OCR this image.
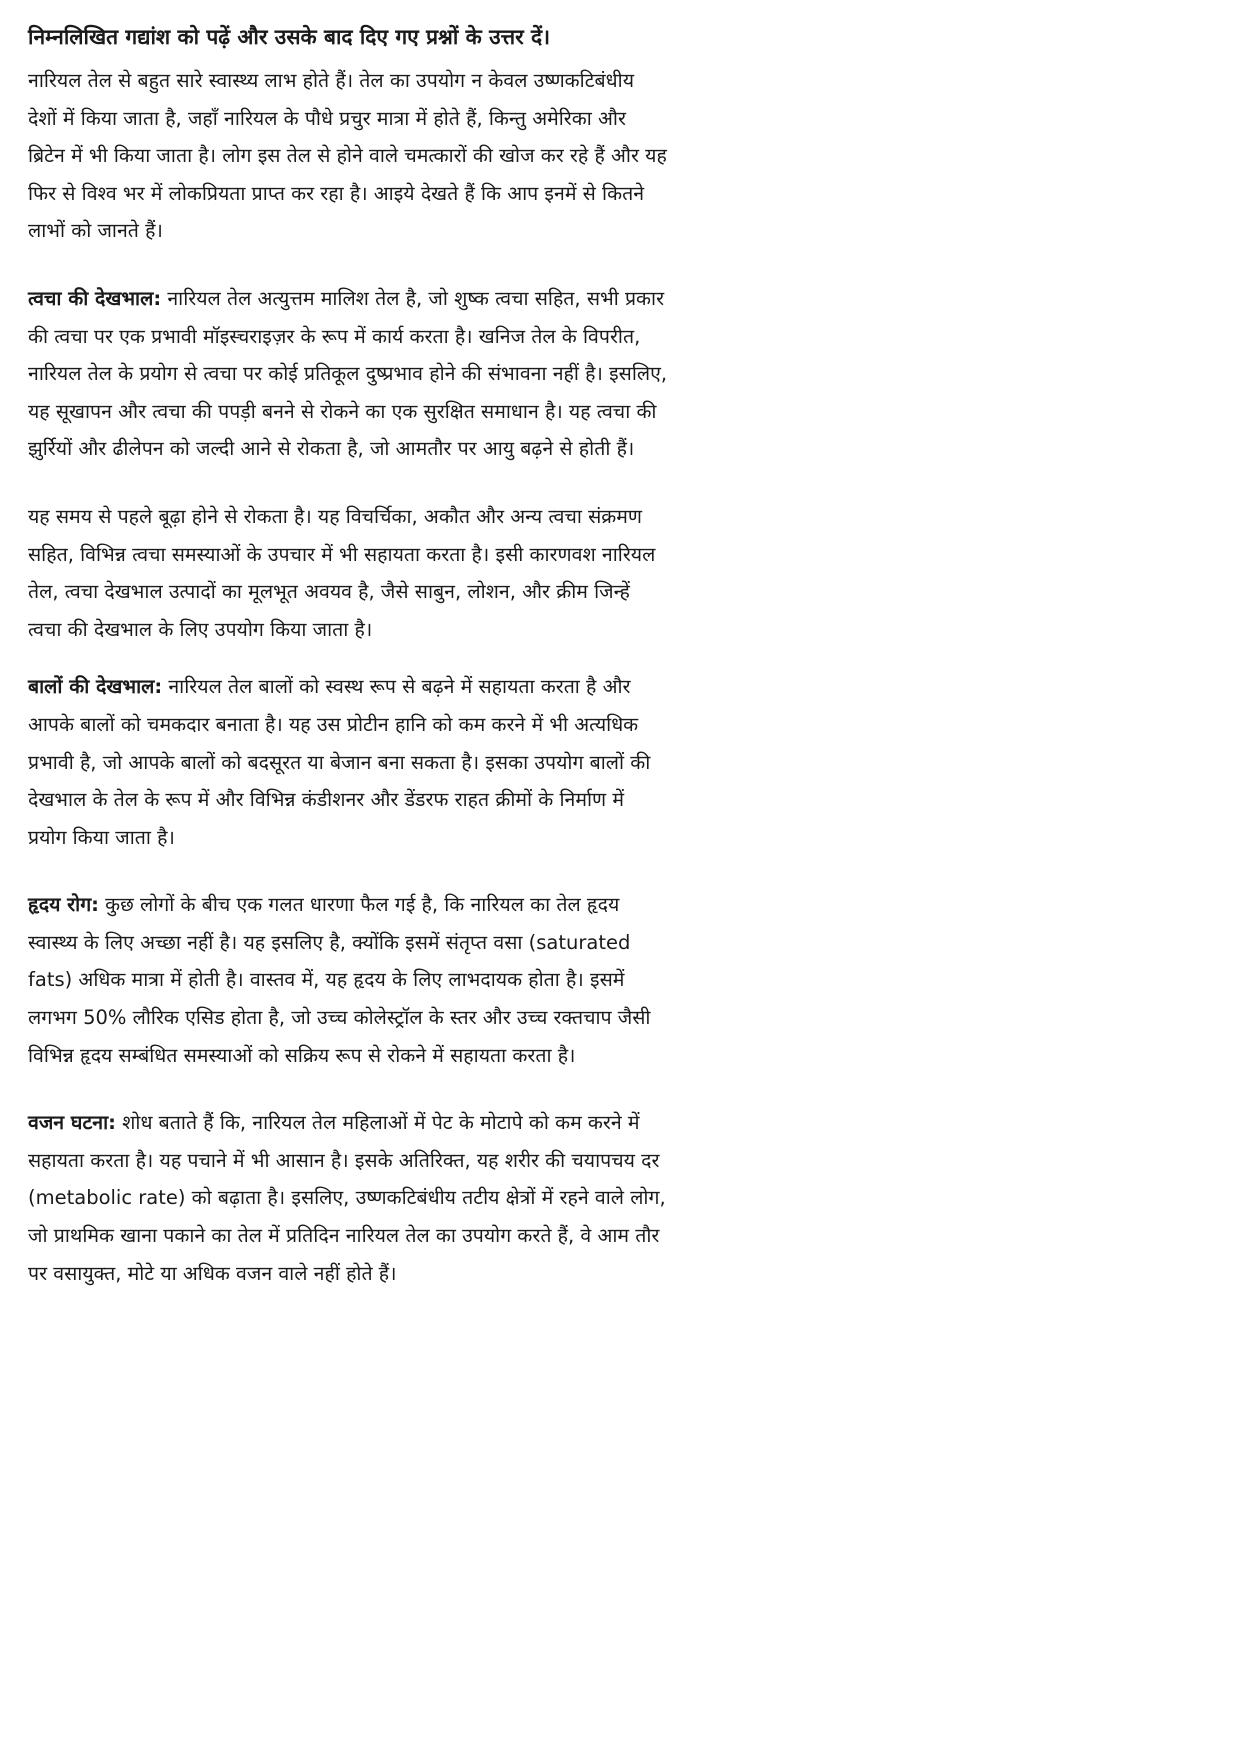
निम्नलिखित गद्यांश को पढ़ें और उसके बाद दिए गए प्रश्नों के उत्तर दें।

नारियल तेल से बहुत सारे स्वास्थ्य लाभ होते हैं। तेल का उपयोग न केवल उष्णकटिबंधीय देशों में किया जाता है, जहाँ नारियल के पौधे प्रचुर मात्रा में होते हैं, किन्तु अमेरिका और ब्रिटेन में भी किया जाता है। लोग इस तेल से होने वाले चमत्कारों की खोज कर रहे हैं और यह फिर से विश्व भर में लोकप्रियता प्राप्त कर रहा है। आइये देखते हैं कि आप इनमें से कितने लाभों को जानते हैं।

त्वचा की देखभाल: नारियल तेल अत्युत्तम मालिश तेल है, जो शुष्क त्वचा सहित, सभी प्रकार की त्वचा पर एक प्रभावी मॉइस्चराइज़र के रूप में कार्य करता है। खनिज तेल के विपरीत, नारियल तेल के प्रयोग से त्वचा पर कोई प्रतिकूल दुष्प्रभाव होने की संभावना नहीं है। इसलिए, यह सूखापन और त्वचा की पपड़ी बनने से रोकने का एक सुरक्षित समाधान है। यह त्वचा की झुर्रियों और ढीलेपन को जल्दी आने से रोकता है, जो आमतौर पर आयु बढ़ने से होती हैं।

यह समय से पहले बूढ़ा होने से रोकता है। यह विचर्चिका, अकौत और अन्य त्वचा संक्रमण सहित, विभिन्न त्वचा समस्याओं के उपचार में भी सहायता करता है। इसी कारणवश नारियल तेल, त्वचा देखभाल उत्पादों का मूलभूत अवयव है, जैसे साबुन, लोशन, और क्रीम जिन्हें त्वचा की देखभाल के लिए उपयोग किया जाता है।

बालों की देखभाल: नारियल तेल बालों को स्वस्थ रूप से बढ़ने में सहायता करता है और आपके बालों को चमकदार बनाता है। यह उस प्रोटीन हानि को कम करने में भी अत्यधिक प्रभावी है, जो आपके बालों को बदसूरत या बेजान बना सकता है। इसका उपयोग बालों की देखभाल के तेल के रूप में और विभिन्न कंडीशनर और डेंडरफ राहत क्रीमों के निर्माण में प्रयोग किया जाता है।

हृदय रोग: कुछ लोगों के बीच एक गलत धारणा फैल गई है, कि नारियल का तेल हृदय स्वास्थ्य के लिए अच्छा नहीं है। यह इसलिए है, क्योंकि इसमें संतृप्त वसा (saturated fats) अधिक मात्रा में होती है। वास्तव में, यह हृदय के लिए लाभदायक होता है। इसमें लगभग 50% लौरिक एसिड होता है, जो उच्च कोलेस्ट्रॉल के स्तर और उच्च रक्तचाप जैसी विभिन्न हृदय सम्बंधित समस्याओं को सक्रिय रूप से रोकने में सहायता करता है।

वजन घटना: शोध बताते हैं कि, नारियल तेल महिलाओं में पेट के मोटापे को कम करने में सहायता करता है। यह पचाने में भी आसान है। इसके अतिरिक्त, यह शरीर की चयापचय दर (metabolic rate) को बढ़ाता है। इसलिए, उष्णकटिबंधीय तटीय क्षेत्रों में रहने वाले लोग, जो प्राथमिक खाना पकाने का तेल में प्रतिदिन नारियल तेल का उपयोग करते हैं, वे आम तौर पर वसायुक्त, मोटे या अधिक वजन वाले नहीं होते हैं।
